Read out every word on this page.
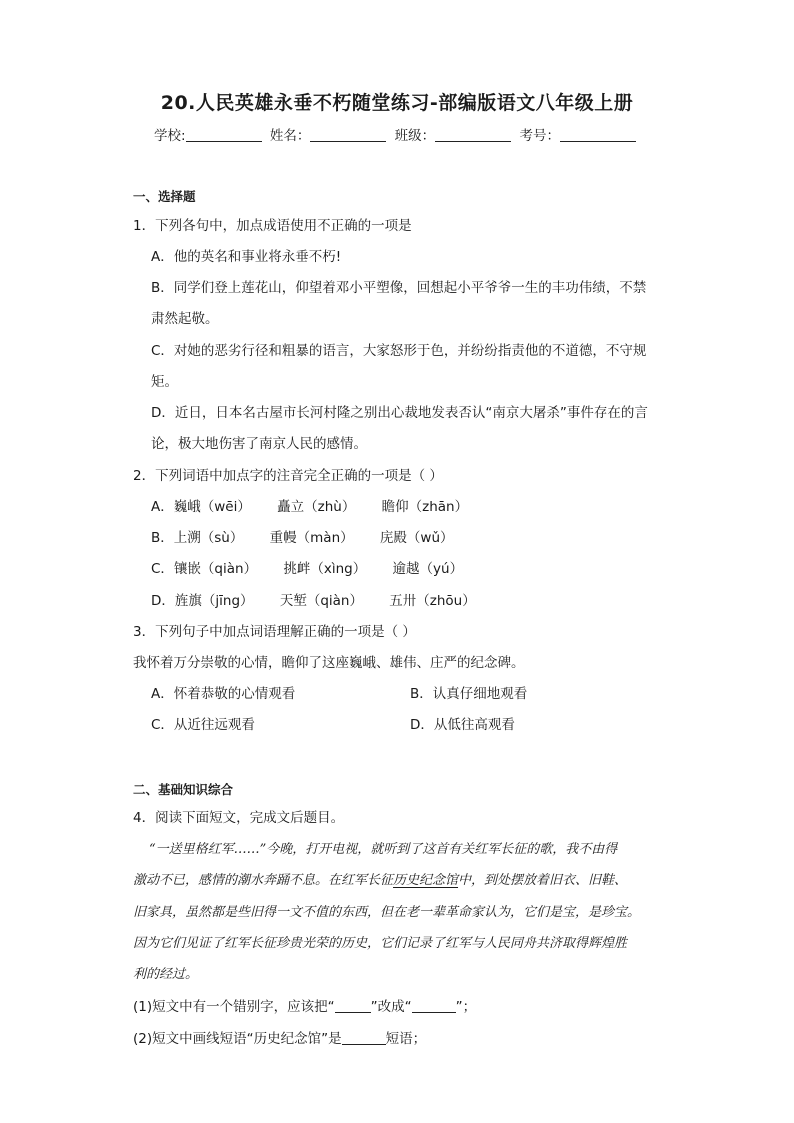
20.人民英雄永垂不朽随堂练习-部编版语文八年级上册
学校:	姓名：	班级：	考号：
一、选择题
1．下列各句中，加点成语使用不正确的一项是
A．他的英名和事业将永垂不朽!
B．同学们登上莲花山，仰望着邓小平塑像，回想起小平爷爷一生的丰功伟绩，不禁
肃然起敬。
C．对她的恶劣行径和粗暴的语言，大家怒形于色，并纷纷指责他的不道德，不守规
矩。
D．近日，日本名古屋市长河村隆之别出心裁地发表否认“南京大屠杀”事件存在的言
论，极大地伤害了南京人民的感情。
2．下列词语中加点字的注音完全正确的一项是（ ）
A．巍峨（wēi） 矗立（zhù） 瞻仰（zhān）
B．上溯（sù） 重幔（màn） 庑殿（wǔ）
C．镶嵌（qiàn） 挑衅（xìng） 逾越（yú）
D．旌旗（jīng） 天堑（qiàn） 五卅（zhōu）
3．下列句子中加点词语理解正确的一项是（ ）
我怀着万分崇敬的心情，瞻仰了这座巍峨、雄伟、庄严的纪念碑。
A．怀着恭敬的心情观看	B．认真仔细地观看
C．从近往远观看	D．从低往高观看
二、基础知识综合
4．阅读下面短文，完成文后题目。
“一送里格红军……”今晚，打开电视，就听到了这首有关红军长征的歌，我不由得
激动不已，感情的潮水奔踊不息。在红军长征历史纪念馆中，到处摆放着旧衣、旧鞋、
旧家具，虽然都是些旧得一文不值的东西，但在老一辈革命家认为，它们是宝，是珍宝。
因为它们见证了红军长征珍贵光荣的历史，它们记录了红军与人民同舟共济取得辉煌胜
利的经过。
(1)短文中有一个错别字，应该把“	”改成“	”；
(2)短文中画线短语“历史纪念馆”是	短语；
